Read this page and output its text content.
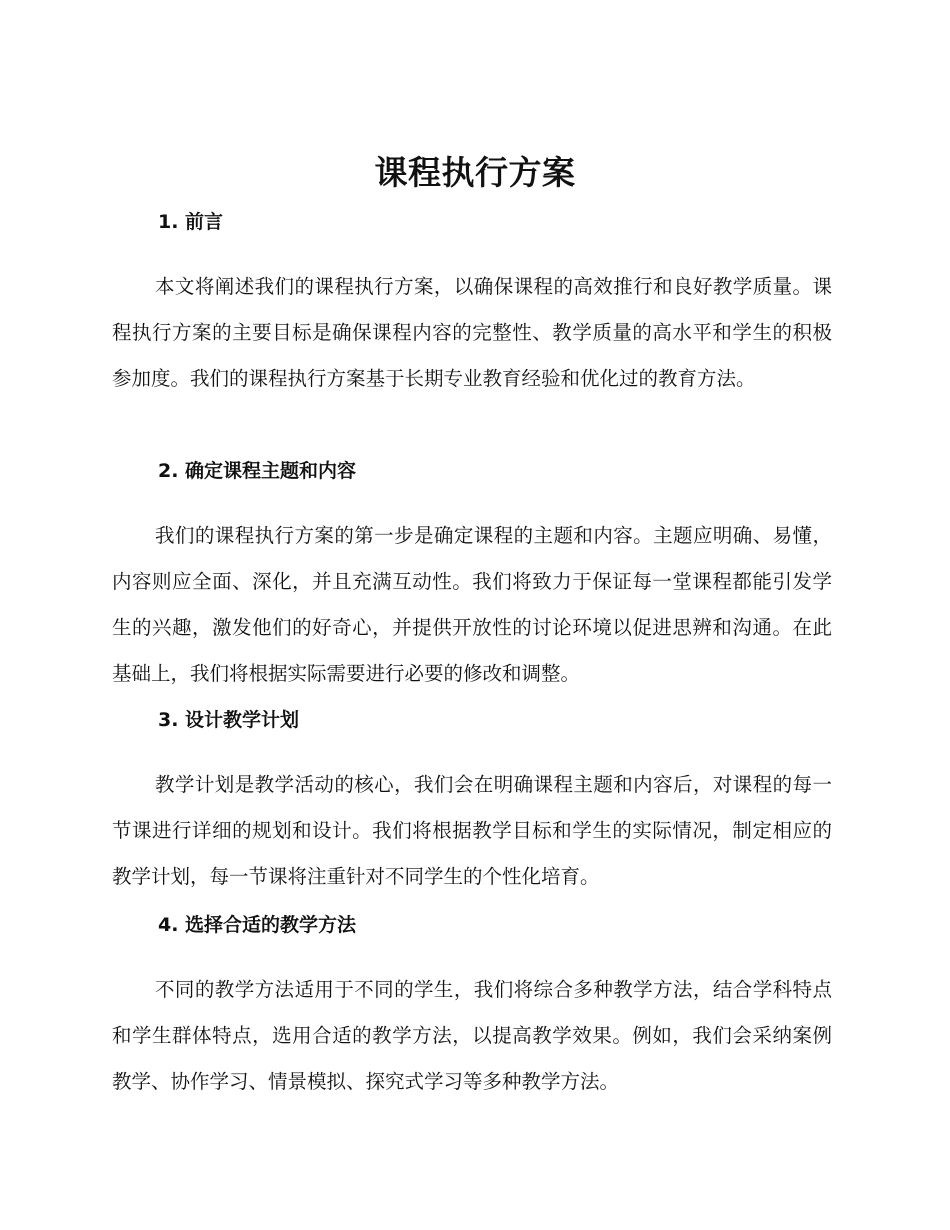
课程执行方案
1. 前言

本文将阐述我们的课程执行方案，以确保课程的高效推行和良好教学质量。课程执行方案的主要目标是确保课程内容的完整性、教学质量的高水平和学生的积极参加度。我们的课程执行方案基于长期专业教育经验和优化过的教育方法。

2. 确定课程主题和内容

我们的课程执行方案的第一步是确定课程的主题和内容。主题应明确、易懂，内容则应全面、深化，并且充满互动性。我们将致力于保证每一堂课程都能引发学生的兴趣，激发他们的好奇心，并提供开放性的讨论环境以促进思辨和沟通。在此基础上，我们将根据实际需要进行必要的修改和调整。

3. 设计教学计划

教学计划是教学活动的核心，我们会在明确课程主题和内容后，对课程的每一节课进行详细的规划和设计。我们将根据教学目标和学生的实际情况，制定相应的教学计划，每一节课将注重针对不同学生的个性化培育。

4. 选择合适的教学方法

不同的教学方法适用于不同的学生，我们将综合多种教学方法，结合学科特点和学生群体特点，选用合适的教学方法，以提高教学效果。例如，我们会采纳案例教学、协作学习、情景模拟、探究式学习等多种教学方法。
